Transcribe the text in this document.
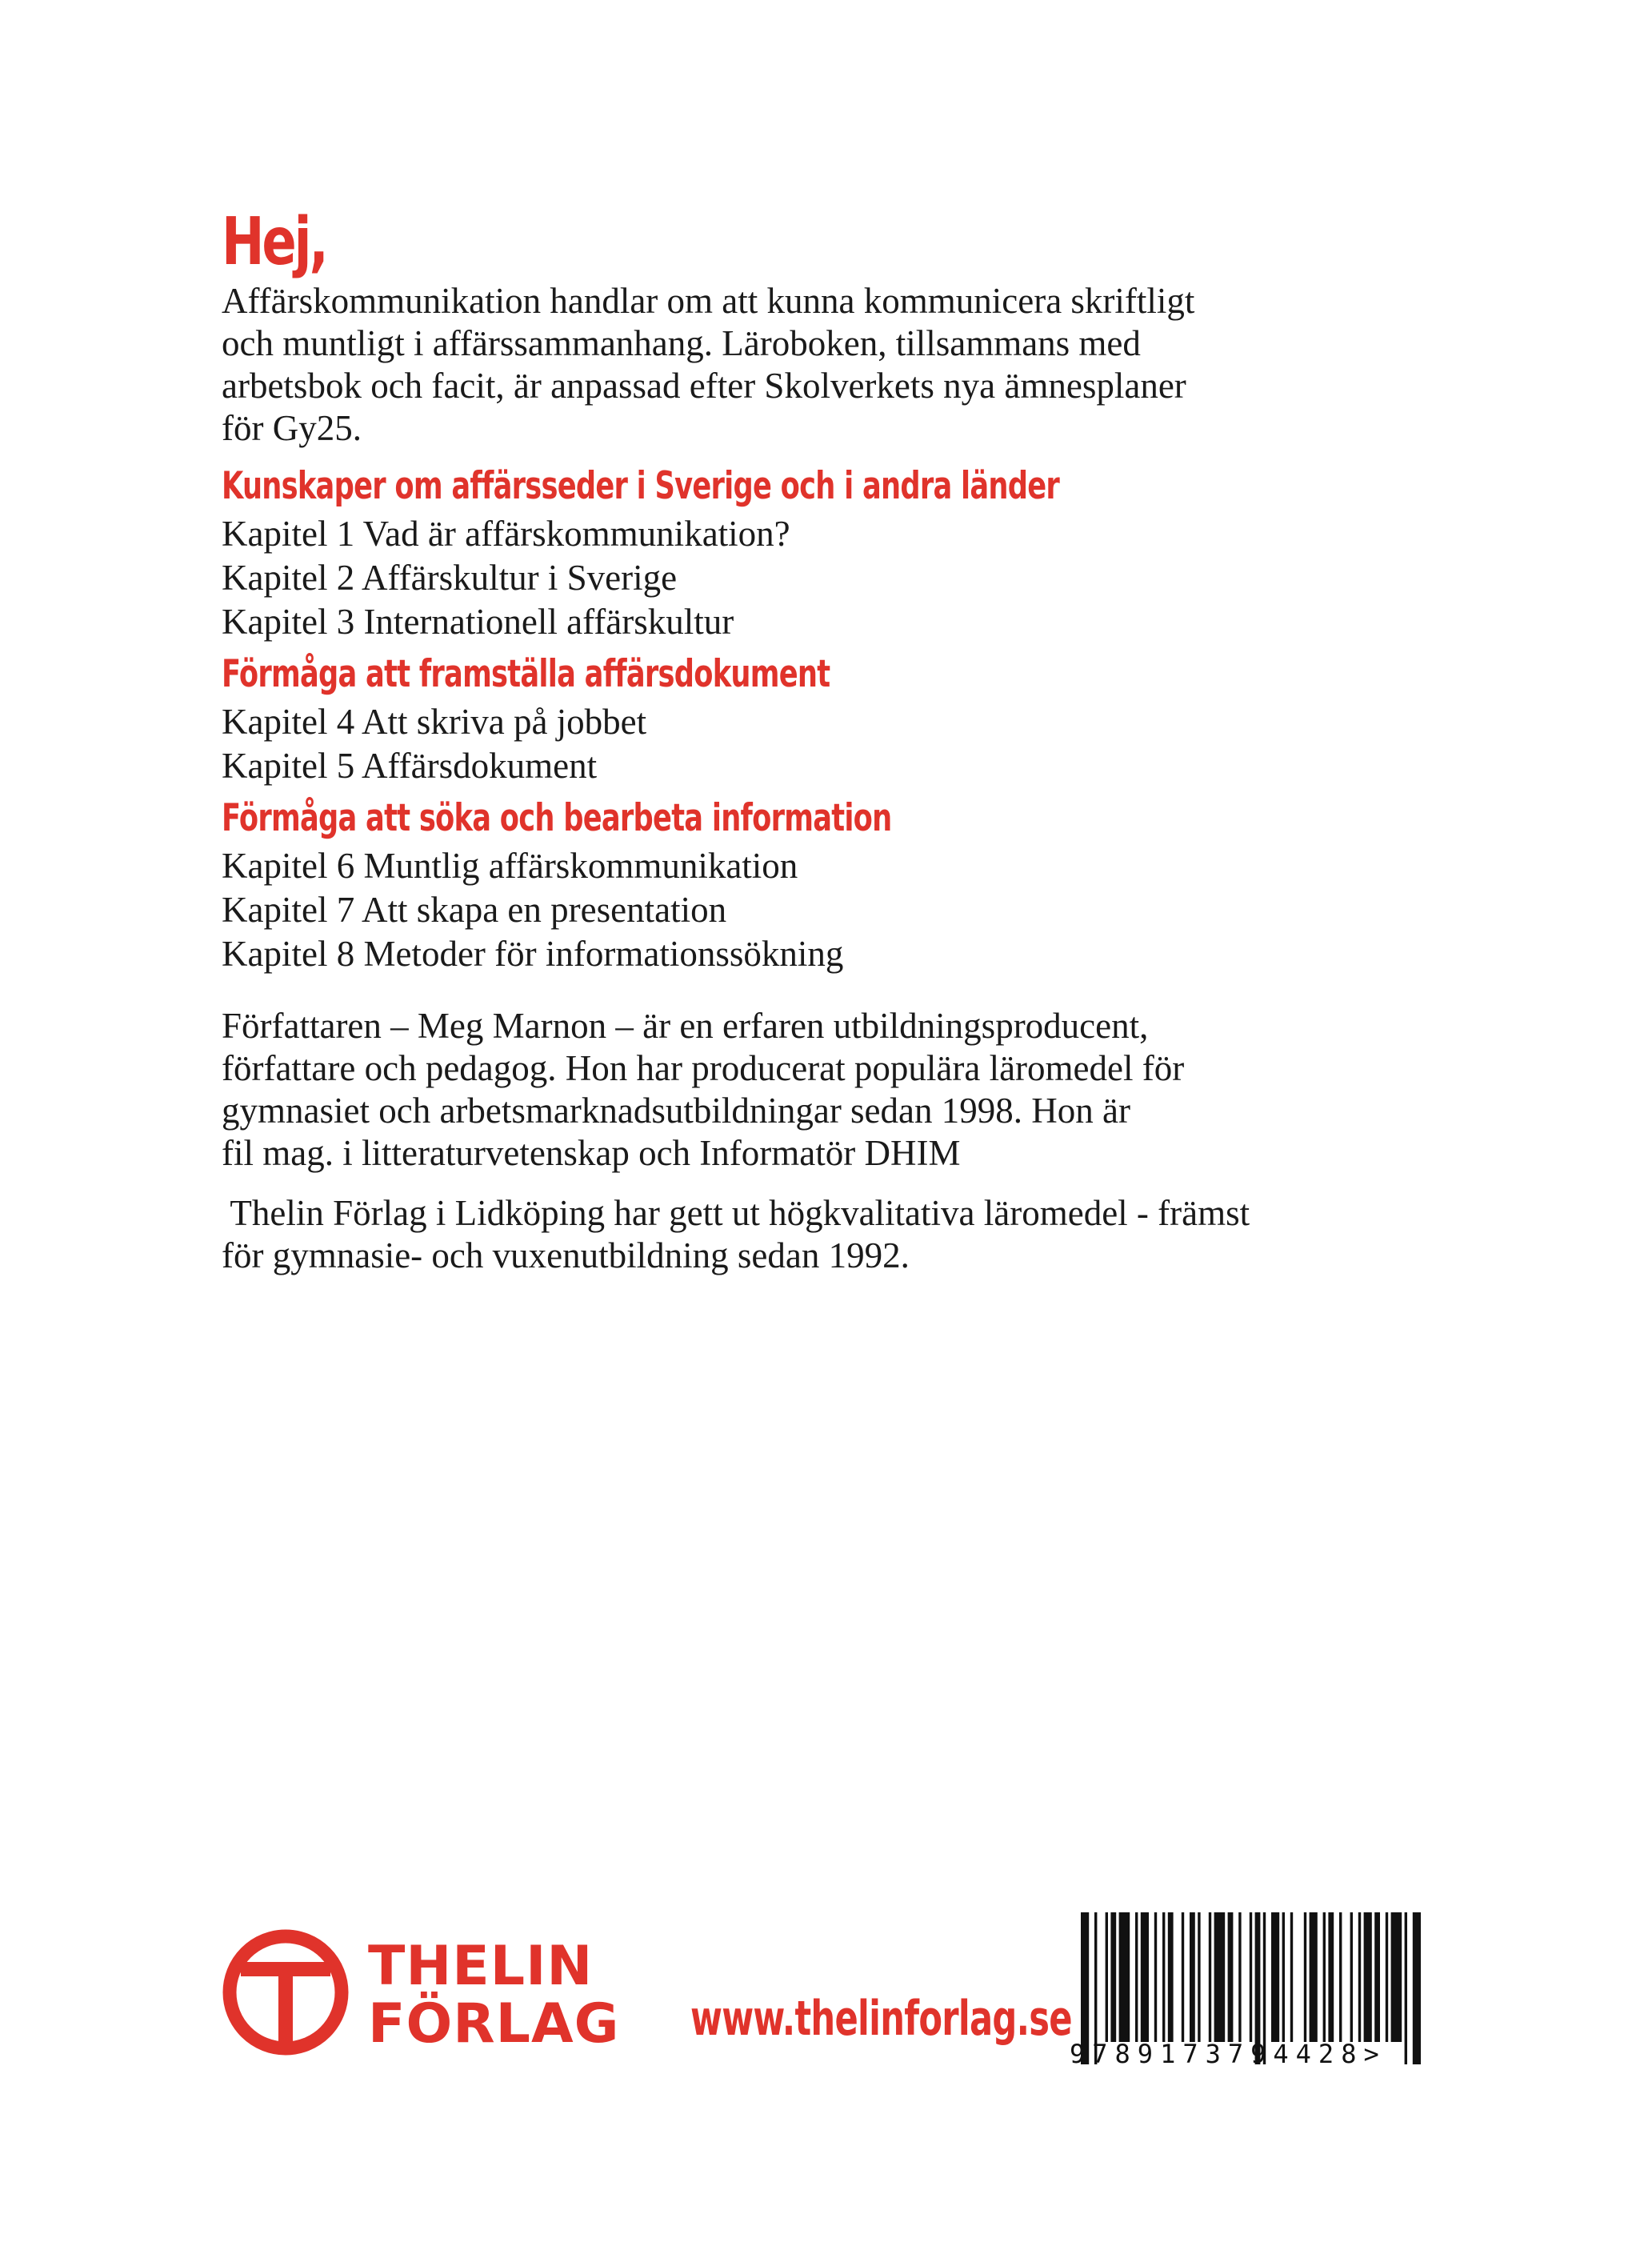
Hej,
Affärskommunikation handlar om att kunna kommunicera skriftligt
och muntligt i affärssammanhang. Läroboken, tillsammans med
arbetsbok och facit, är anpassad efter Skolverkets nya ämnesplaner
för Gy25.
Kunskaper om affärsseder i Sverige och i andra länder
Kapitel 1 Vad är affärskommunikation?
Kapitel 2 Affärskultur i Sverige
Kapitel 3 Internationell affärskultur
Förmåga att framställa affärsdokument
Kapitel 4 Att skriva på jobbet
Kapitel 5 Affärsdokument
Förmåga att söka och bearbeta information
Kapitel 6 Muntlig affärskommunikation
Kapitel 7 Att skapa en presentation
Kapitel 8 Metoder för informationssökning
Författaren – Meg Marnon – är en erfaren utbildningsproducent,
författare och pedagog. Hon har producerat populära läromedel för
gymnasiet och arbetsmarknadsutbildningar sedan 1998. Hon är
fil mag. i litteraturvetenskap och Informatör DHIM
Thelin Förlag i Lidköping har gett ut högkvalitativa läromedel - främst
för gymnasie- och vuxenutbildning sedan 1992.
THELIN
FÖRLAG www.thelinforlag.se
9789173794428>
